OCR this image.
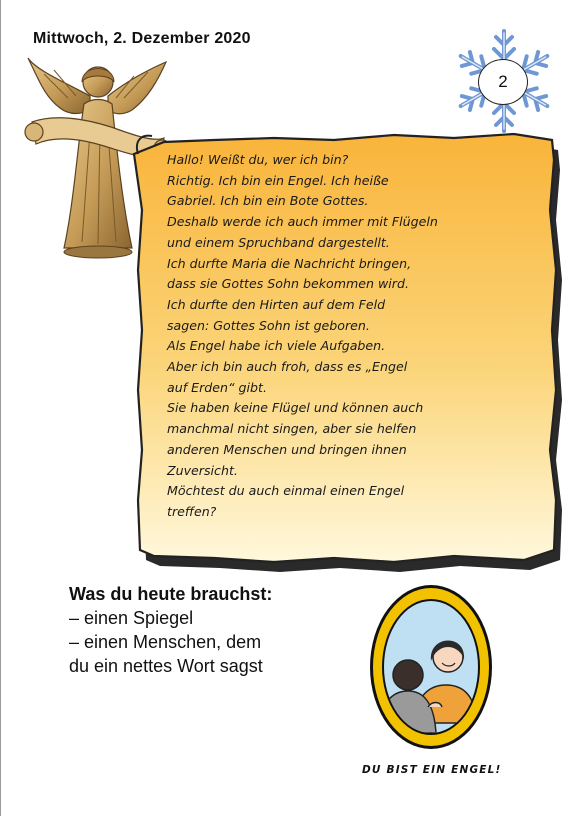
Mittwoch, 2. Dezember 2020
2
Hallo! Weißt du, wer ich bin?
Richtig. Ich bin ein Engel. Ich heiße
Gabriel. Ich bin ein Bote Gottes.
Deshalb werde ich auch immer mit Flügeln
und einem Spruchband dargestellt.
Ich durfte Maria die Nachricht bringen,
dass sie Gottes Sohn bekommen wird.
Ich durfte den Hirten auf dem Feld
sagen: Gottes Sohn ist geboren.
Als Engel habe ich viele Aufgaben.
Aber ich bin auch froh, dass es „Engel
auf Erden“ gibt.
Sie haben keine Flügel und können auch
manchmal nicht singen, aber sie helfen
anderen Menschen und bringen ihnen
Zuversicht.
Möchtest du auch einmal einen Engel
treffen?
Was du heute brauchst:
– einen Spiegel
– einen Menschen, dem
du ein nettes Wort sagst
DU BIST EIN ENGEL!
